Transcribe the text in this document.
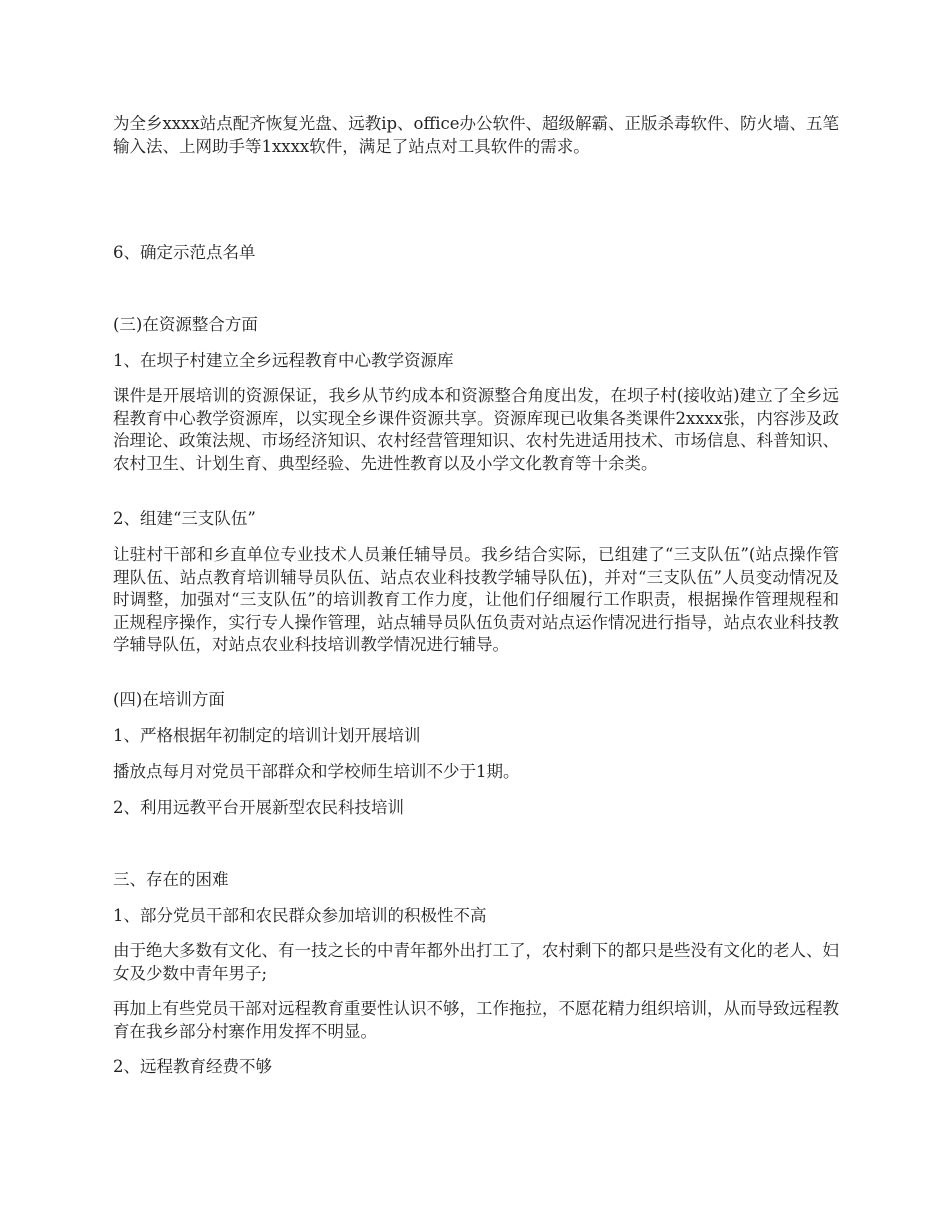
为全乡xxxx站点配齐恢复光盘、远教ip、office办公软件、超级解霸、正版杀毒软件、防火墙、五笔输入法、上网助手等1xxxx软件，满足了站点对工具软件的需求。

6、确定示范点名单

(三)在资源整合方面

1、在坝子村建立全乡远程教育中心教学资源库

课件是开展培训的资源保证，我乡从节约成本和资源整合角度出发，在坝子村(接收站)建立了全乡远程教育中心教学资源库，以实现全乡课件资源共享。资源库现已收集各类课件2xxxx张，内容涉及政治理论、政策法规、市场经济知识、农村经营管理知识、农村先进适用技术、市场信息、科普知识、农村卫生、计划生育、典型经验、先进性教育以及小学文化教育等十余类。

2、组建“三支队伍”

让驻村干部和乡直单位专业技术人员兼任辅导员。我乡结合实际，已组建了“三支队伍”(站点操作管理队伍、站点教育培训辅导员队伍、站点农业科技教学辅导队伍)，并对“三支队伍”人员变动情况及时调整，加强对“三支队伍”的培训教育工作力度，让他们仔细履行工作职责，根据操作管理规程和正规程序操作，实行专人操作管理，站点辅导员队伍负责对站点运作情况进行指导，站点农业科技教学辅导队伍，对站点农业科技培训教学情况进行辅导。

(四)在培训方面

1、严格根据年初制定的培训计划开展培训

播放点每月对党员干部群众和学校师生培训不少于1期。

2、利用远教平台开展新型农民科技培训

三、存在的困难

1、部分党员干部和农民群众参加培训的积极性不高

由于绝大多数有文化、有一技之长的中青年都外出打工了，农村剩下的都只是些没有文化的老人、妇女及少数中青年男子;

再加上有些党员干部对远程教育重要性认识不够，工作拖拉，不愿花精力组织培训，从而导致远程教育在我乡部分村寨作用发挥不明显。

2、远程教育经费不够
